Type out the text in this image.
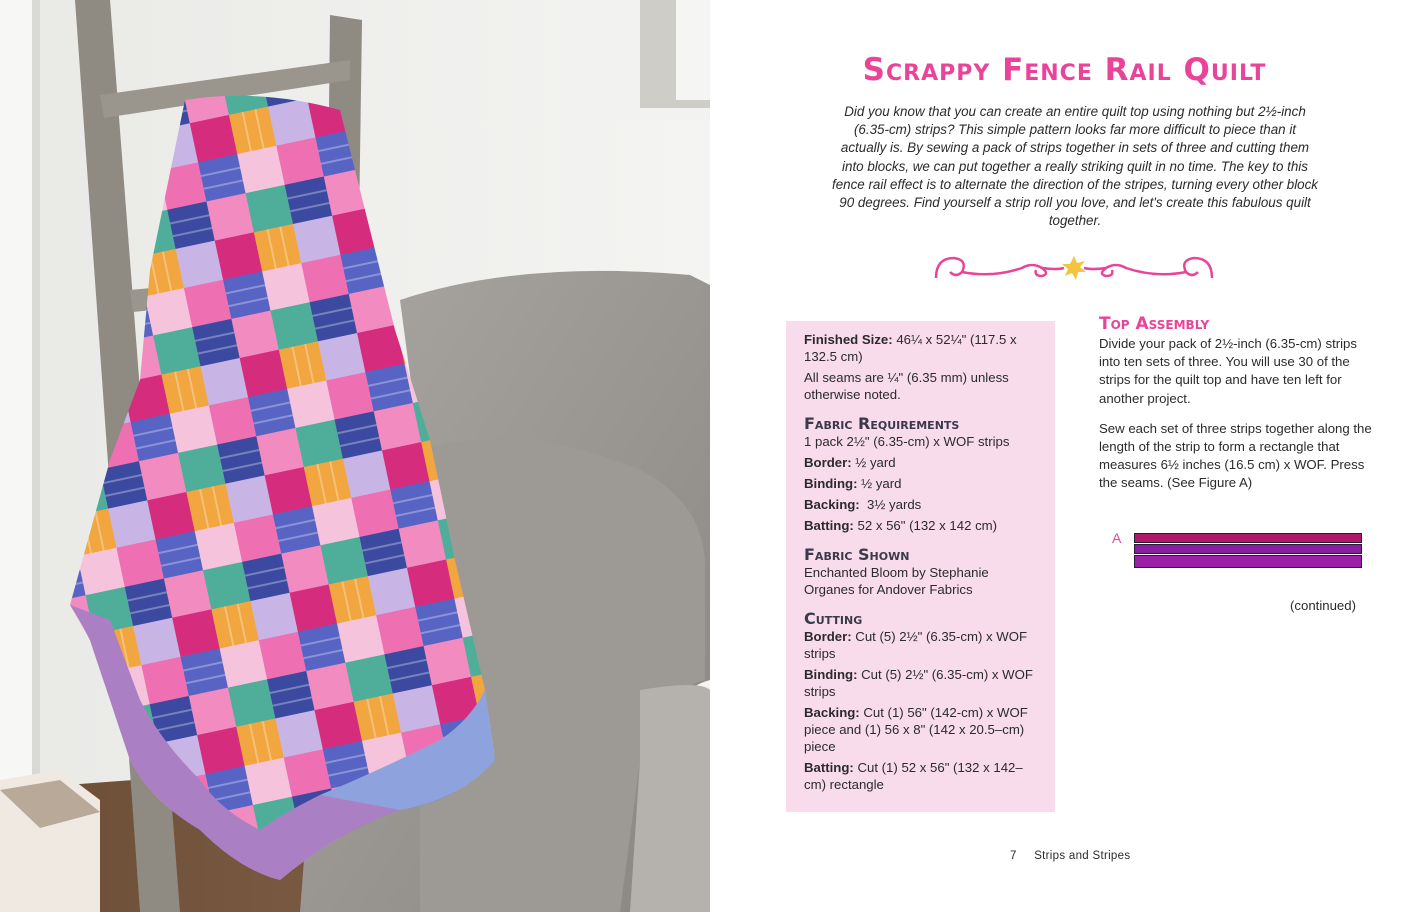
Scrappy Fence Rail Quilt
Did you know that you can create an entire quilt top using nothing but 2½-inch (6.35-cm) strips? This simple pattern looks far more difficult to piece than it actually is. By sewing a pack of strips together in sets of three and cutting them into blocks, we can put together a really striking quilt in no time. The key to this fence rail effect is to alternate the direction of the stripes, turning every other block 90 degrees. Find yourself a strip roll you love, and let's create this fabulous quilt together.

Finished Size: 46¼ x 52¼" (117.5 x 132.5 cm)

All seams are ¼" (6.35 mm) unless otherwise noted.

Fabric Requirements

1 pack 2½" (6.35-cm) x WOF strips

Border: ½ yard

Binding: ½ yard

Backing: 3½ yards

Batting: 52 x 56" (132 x 142 cm)

Fabric Shown

Enchanted Bloom by Stephanie Organes for Andover Fabrics

Cutting

Border: Cut (5) 2½" (6.35-cm) x WOF strips

Binding: Cut (5) 2½" (6.35-cm) x WOF strips

Backing: Cut (1) 56" (142-cm) x WOF piece and (1) 56 x 8" (142 x 20.5–cm) piece

Batting: Cut (1) 52 x 56" (132 x 142–cm) rectangle

Top Assembly

Divide your pack of 2½-inch (6.35-cm) strips into ten sets of three. You will use 30 of the strips for the quilt top and have ten left for another project.

Sew each set of three strips together along the length of the strip to form a rectangle that measures 6½ inches (16.5 cm) x WOF. Press the seams. (See Figure A)

A
(continued)
7 Strips and Stripes
